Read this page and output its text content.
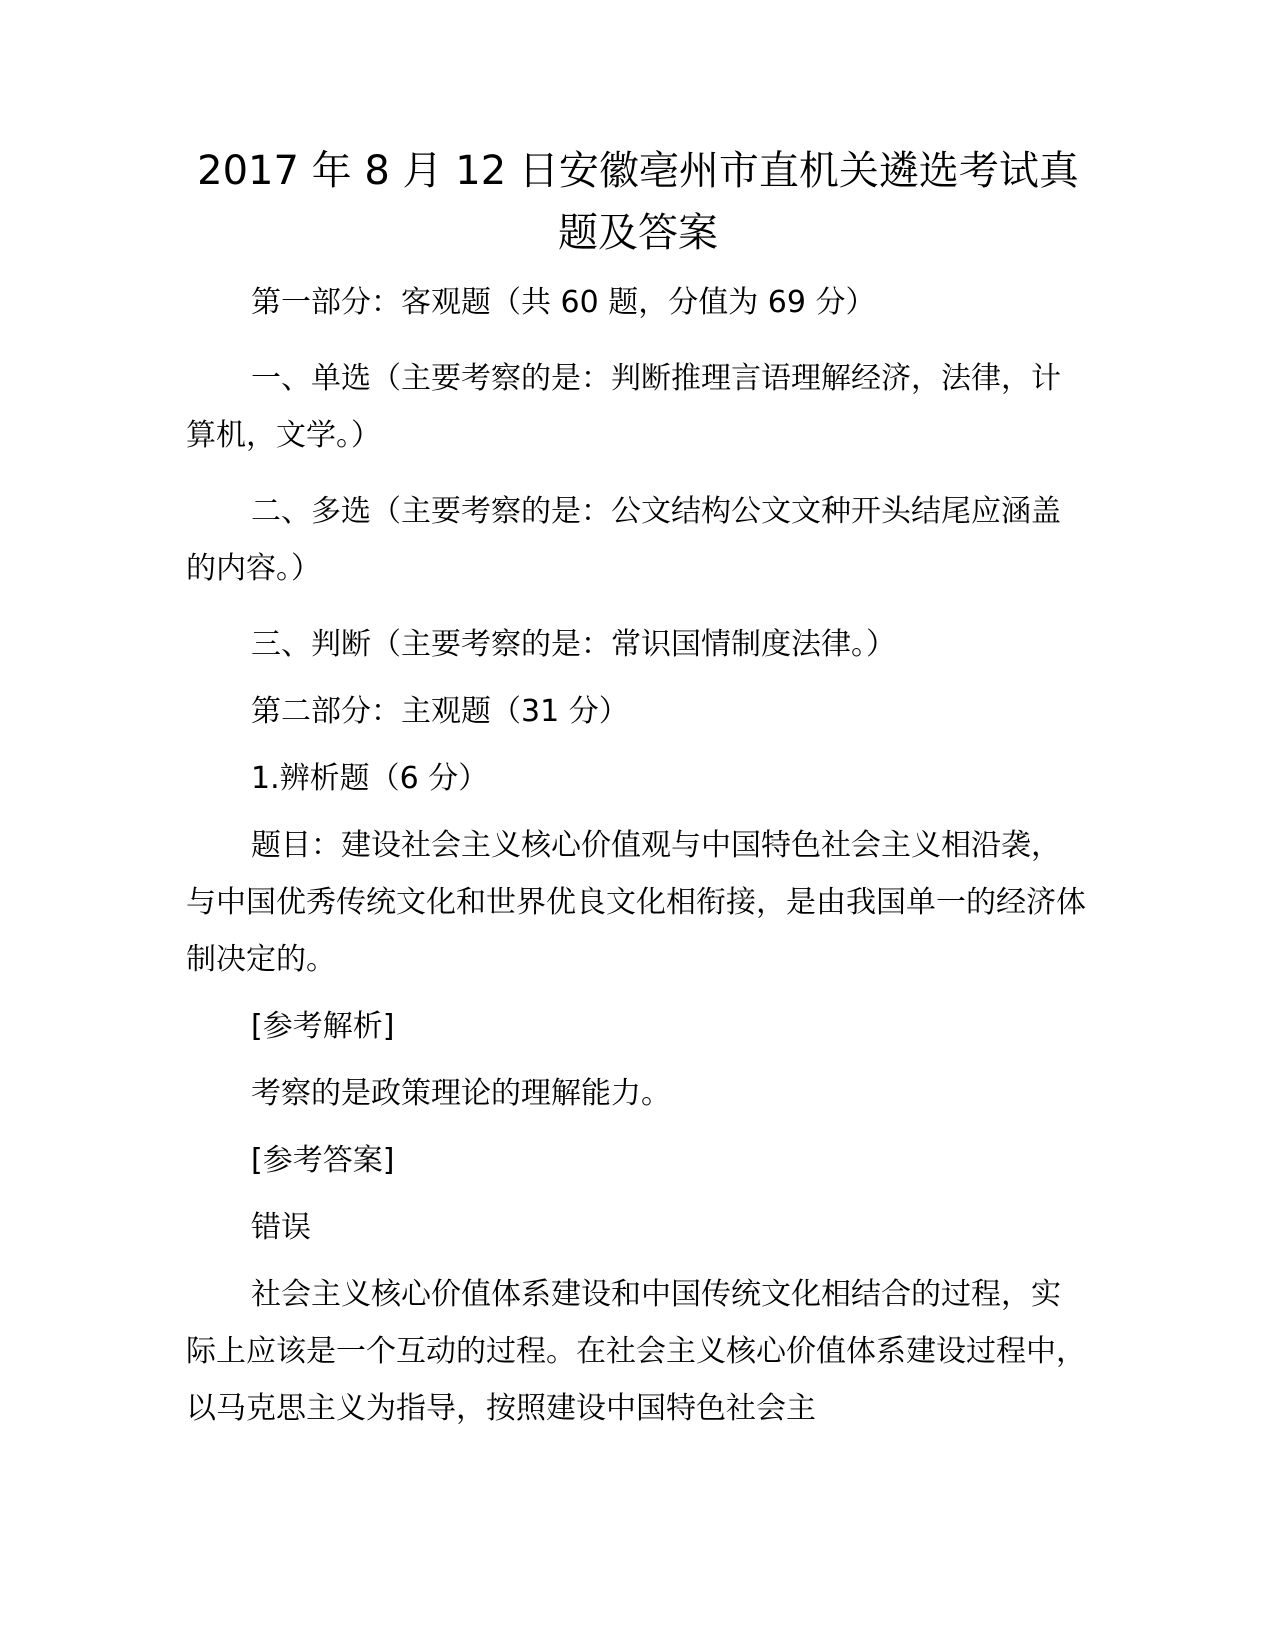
2017 年 8 月 12 日安徽亳州市直机关遴选考试真题及答案

第一部分：客观题（共 60 题，分值为 69 分）

一、单选（主要考察的是：判断推理言语理解经济，法律，计算机，文学。）

二、多选（主要考察的是：公文结构公文文种开头结尾应涵盖的内容。）

三、判断（主要考察的是：常识国情制度法律。）

第二部分：主观题（31 分）

1.辨析题（6 分）

题目：建设社会主义核心价值观与中国特色社会主义相沿袭，与中国优秀传统文化和世界优良文化相衔接，是由我国单一的经济体制决定的。

[参考解析]

考察的是政策理论的理解能力。

[参考答案]

错误

社会主义核心价值体系建设和中国传统文化相结合的过程，实际上应该是一个互动的过程。在社会主义核心价值体系建设过程中，以马克思主义为指导，按照建设中国特色社会主
